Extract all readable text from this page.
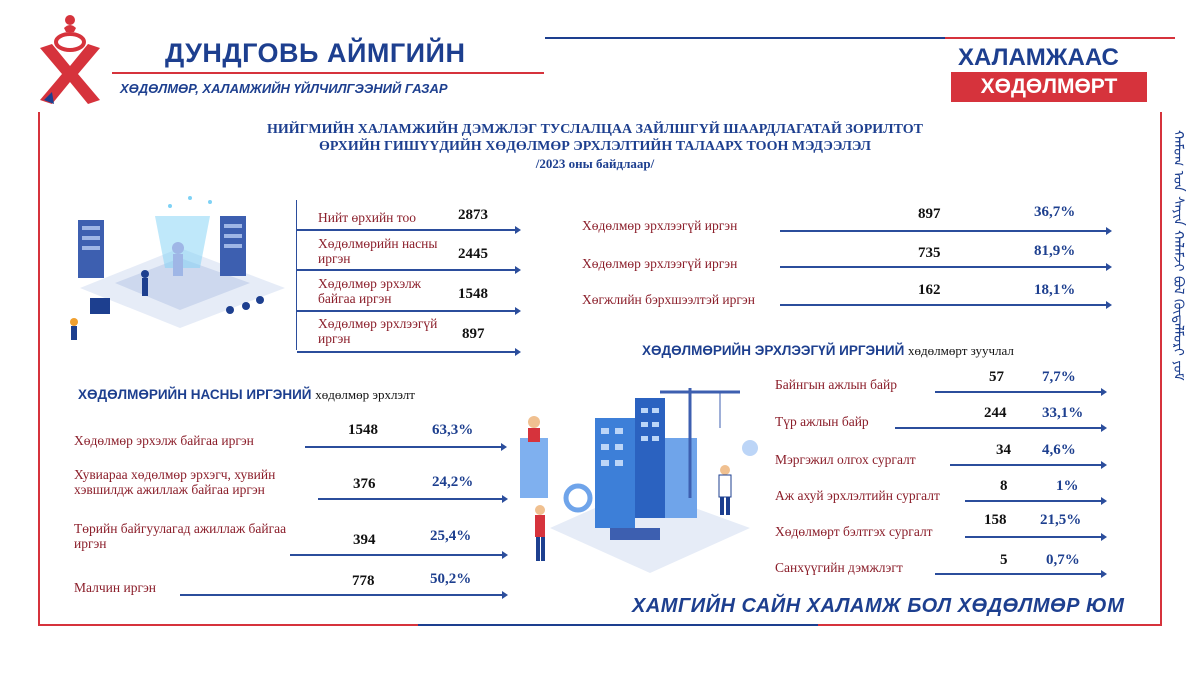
ДУНДГОВЬ АЙМГИЙН
ХӨДӨЛМӨР, ХАЛАМЖИЙН ҮЙЛЧИЛГЭЭНИЙ ГАЗАР
ХАЛАМЖААС
ХӨДӨЛМӨРТ
НИЙГМИЙН ХАЛАМЖИЙН ДЭМЖЛЭГ ТУСЛАЛЦАА ЗАЙЛШГҮЙ ШААРДЛАГАТАЙ ЗОРИЛТОТ
ӨРХИЙН ГИШҮҮДИЙН ХӨДӨЛМӨР ЭРХЛЭЛТИЙН ТАЛААРХ ТООН МЭДЭЭЛЭЛ
/2023 оны байдлаар/
Нийт өрхийн тоо	2873
Хөдөлмөрийн насны иргэн	2445
Хөдөлмөр эрхэлж байгаа иргэн	1548
Хөдөлмөр эрхлээгүй иргэн	897
Хөдөлмөр эрхлээгүй иргэн
897	36,7%
Хөдөлмөр эрхлээгүй иргэн
735	81,9%
Хөгжлийн бэрхшээлтэй иргэн
162	18,1%
ХӨДӨЛМӨРИЙН НАСНЫ ИРГЭНИЙ хөдөлмөр эрхлэлт
Хөдөлмөр эрхэлж байгаа иргэн
1548	63,3%
Хувиараа хөдөлмөр эрхэгч, хувийн хэвшилдж ажиллаж байгаа иргэн	376	24,2%
Төрийн байгуулагад ажиллаж байгаа иргэн	394	25,4%
Малчин иргэн	778	50,2%
ХӨДӨЛМӨРИЙН ЭРХЛЭЭГҮЙ ИРГЭНИЙ хөдөлмөрт зуучлал
Байнгын ажлын байр	57	7,7%
Түр ажлын байр
244 33,1%
Мэргэжил олгох сургалт
34 4,6%
Аж ахуй эрхлэлтийн сургалт
8	1%
Хөдөлмөрт бэлтгэх сургалт
158 21,5%
Санхүүгийн дэмжлэгт	5	0,7%
ХАМГИЙН САЙН ХАЛАМЖ БОЛ ХӨДӨЛМӨР ЮМ
ᠬᠠᠮᠤᠭ ᠤᠨ ᠰᠠᠶᠢᠨ ᠬᠠᠯᠠᠮᠵᠢ ᠪᠣᠯ ᠬᠥᠳᠡᠯᠮᠦᠷᠢ ᠶᠤᠮ
